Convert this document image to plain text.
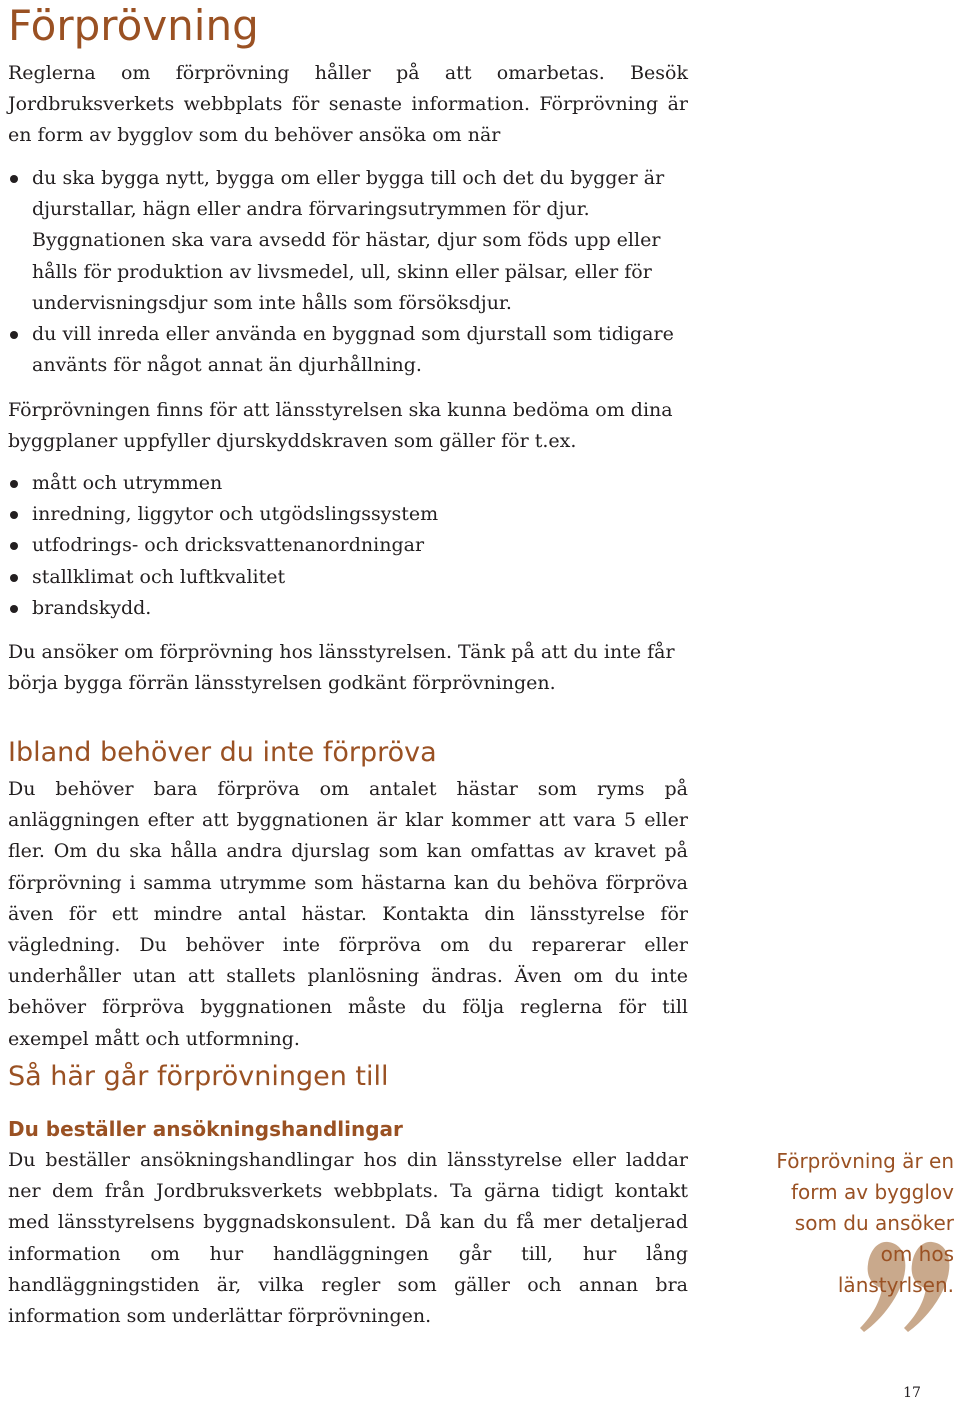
Förprövning

Reglerna om förprövning håller på att omarbetas. Besök Jordbruksverkets webbplats för senaste information. Förprövning är en form av bygglov som du behöver ansöka om när

du ska bygga nytt, bygga om eller bygga till och det du bygger är djurstallar, hägn eller andra förvaringsutrymmen för djur. Byggnationen ska vara avsedd för hästar, djur som föds upp eller hålls för produktion av livsmedel, ull, skinn eller pälsar, eller för undervisningsdjur som inte hålls som försöksdjur.
du vill inreda eller använda en byggnad som djurstall som tidigare använts för något annat än djurhållning.

Förprövningen finns för att länsstyrelsen ska kunna bedöma om dina byggplaner uppfyller djurskyddskraven som gäller för t.ex.

mått och utrymmen
inredning, liggytor och utgödslingssystem
utfodrings- och dricksvattenanordningar
stallklimat och luftkvalitet
brandskydd.

Du ansöker om förprövning hos länsstyrelsen. Tänk på att du inte får börja bygga förrän länsstyrelsen godkänt förprövningen.

Ibland behöver du inte förpröva

Du behöver bara förpröva om antalet hästar som ryms på anläggningen efter att byggnationen är klar kommer att vara 5 eller fler. Om du ska hålla andra djurslag som kan omfattas av kravet på förprövning i samma utrymme som hästarna kan du behöva förpröva även för ett mindre antal hästar. Kontakta din länsstyrelse för vägledning. Du behöver inte förpröva om du reparerar eller underhåller utan att stallets planlösning ändras. Även om du inte behöver förpröva byggnationen måste du följa reglerna för till exempel mått och utformning.

Så här går förprövningen till
Du beställer ansökningshandlingar

Du beställer ansökningshandlingar hos din länsstyrelse eller laddar ner dem från Jordbruksverkets webbplats. Ta gärna tidigt kontakt med länsstyrelsens byggnadskonsulent. Då kan du få mer detaljerad information om hur handläggningen går till, hur lång handläggningstiden är, vilka regler som gäller och annan bra information som underlättar förprövningen.

Förprövning är en form av bygglov som du ansöker om hos länstyrlsen.
17
